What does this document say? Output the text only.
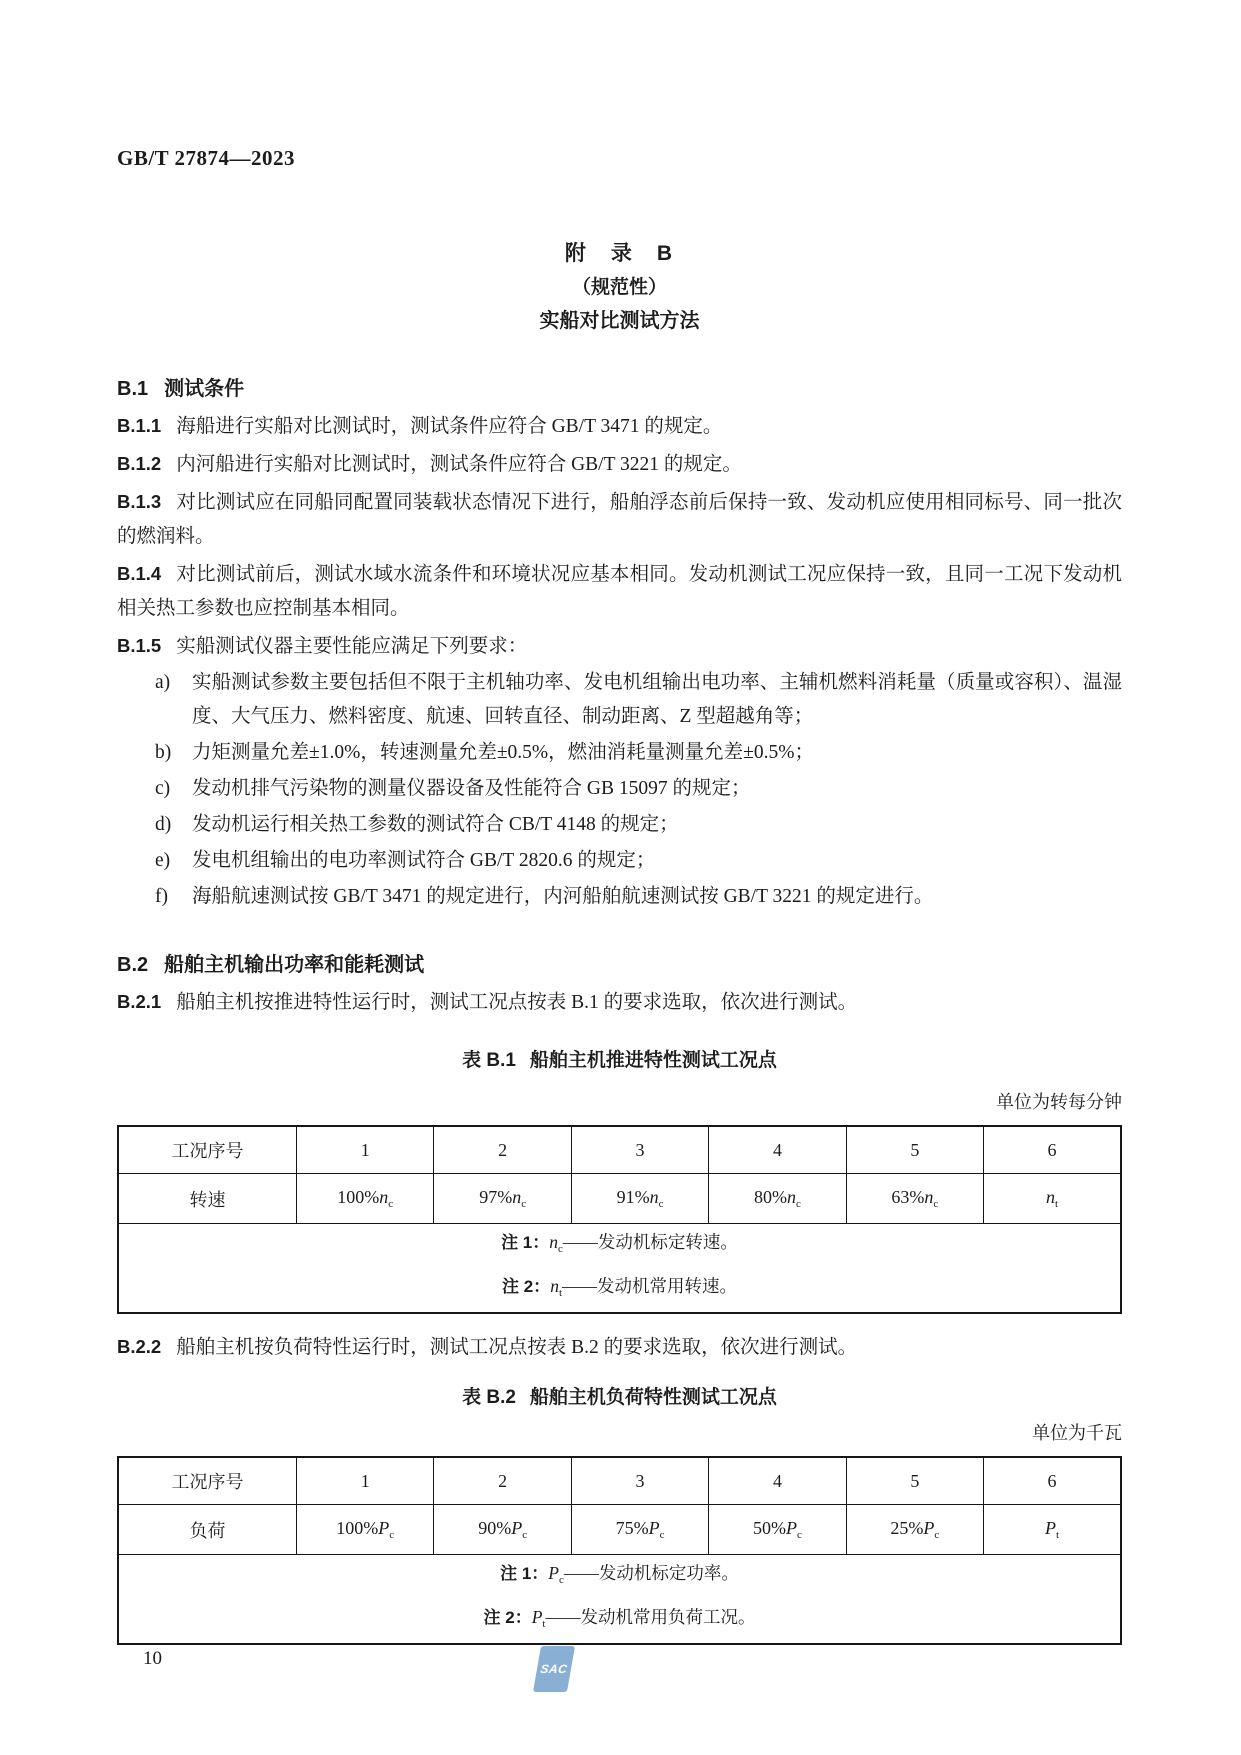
GB/T 27874—2023
附　录　B
（规范性）
实船对比测试方法
B.1 测试条件

B.1.1 海船进行实船对比测试时，测试条件应符合 GB/T 3471 的规定。

B.1.2 内河船进行实船对比测试时，测试条件应符合 GB/T 3221 的规定。

B.1.3 对比测试应在同船同配置同装载状态情况下进行，船舶浮态前后保持一致、发动机应使用相同标号、同一批次的燃润料。

B.1.4 对比测试前后，测试水域水流条件和环境状况应基本相同。发动机测试工况应保持一致，且同一工况下发动机相关热工参数也应控制基本相同。

B.1.5 实船测试仪器主要性能应满足下列要求：

a)	实船测试参数主要包括但不限于主机轴功率、发电机组输出电功率、主辅机燃料消耗量（质量或容积）、温湿度、大气压力、燃料密度、航速、回转直径、制动距离、Z 型超越角等；
b)	力矩测量允差±1.0%，转速测量允差±0.5%，燃油消耗量测量允差±0.5%；
c)	发动机排气污染物的测量仪器设备及性能符合 GB 15097 的规定；
d)	发动机运行相关热工参数的测试符合 CB/T 4148 的规定；
e)	发电机组输出的电功率测试符合 GB/T 2820.6 的规定；
f)	海船航速测试按 GB/T 3471 的规定进行，内河船舶航速测试按 GB/T 3221 的规定进行。
B.2 船舶主机输出功率和能耗测试

B.2.1 船舶主机按推进特性运行时，测试工况点按表 B.1 的要求选取，依次进行测试。

表 B.1 船舶主机推进特性测试工况点
单位为转每分钟
工况序号	1	2	3	4	5	6
转速	$100\%n_c$	$97\%n_c$	$91\%n_c$	$80\%n_c$	$63\%n_c$	$n_t$

注 1：$n_c——$发动机标定转速。
注 2：$n_t——$发动机常用转速。						

B.2.2 船舶主机按负荷特性运行时，测试工况点按表 B.2 的要求选取，依次进行测试。

表 B.2 船舶主机负荷特性测试工况点
单位为千瓦
工况序号	1	2	3	4	5	6
负荷	$100\%P_c$	$90\%P_c$	$75\%P_c$	$50\%P_c$	$25\%P_c$	$P_t$

注 1：$P_c——$发动机标定功率。
注 2：$P_t——$发动机常用负荷工况。						
SAC
10
